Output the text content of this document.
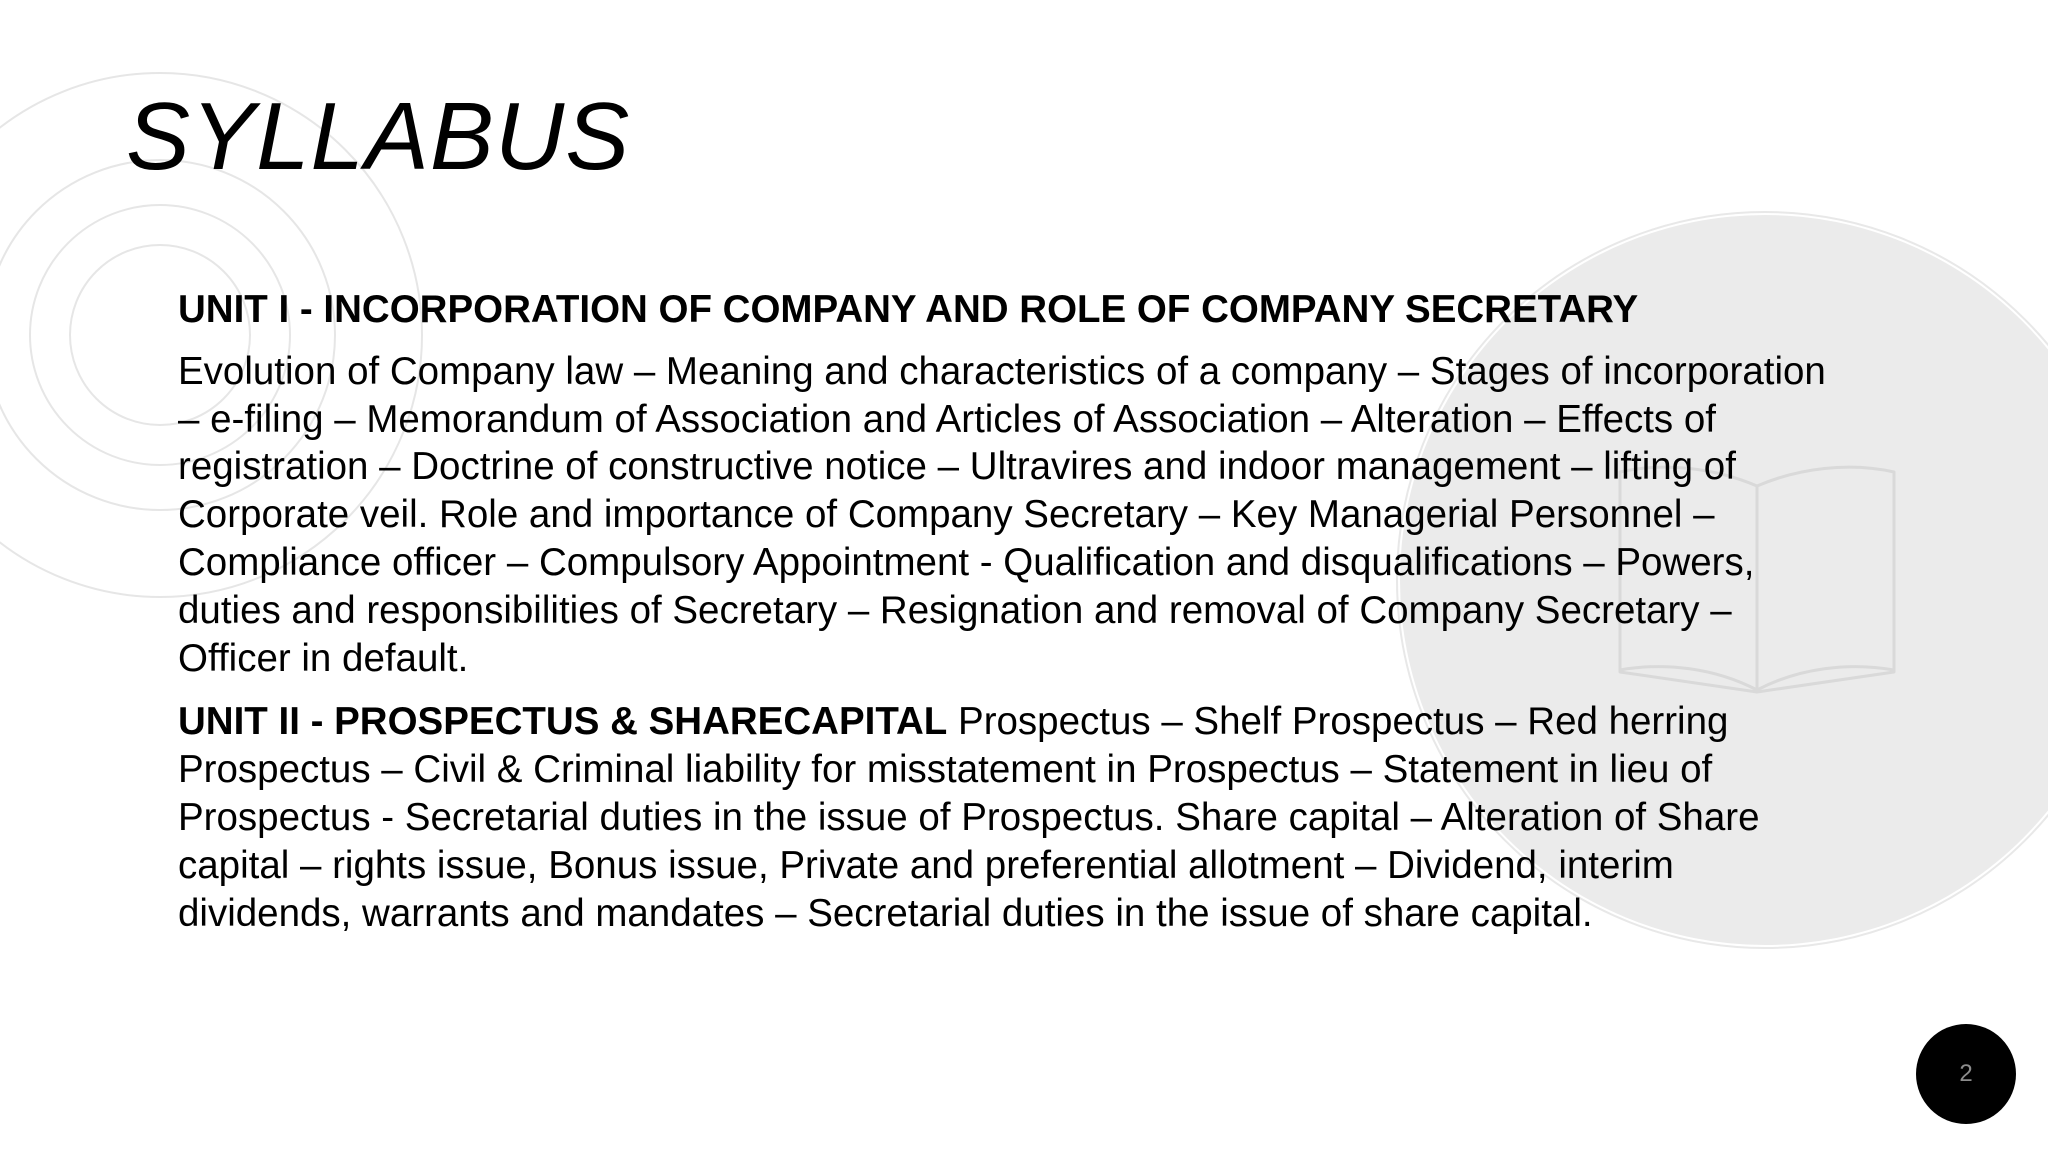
SYLLABUS

UNIT I - INCORPORATION OF COMPANY AND ROLE OF COMPANY SECRETARY

Evolution of Company law – Meaning and characteristics of a company – Stages of incorporation – e-filing – Memorandum of Association and Articles of Association – Alteration – Effects of registration – Doctrine of constructive notice – Ultravires and indoor management – lifting of Corporate veil. Role and importance of Company Secretary – Key Managerial Personnel – Compliance officer – Compulsory Appointment - Qualification and disqualifications – Powers, duties and responsibilities of Secretary – Resignation and removal of Company Secretary – Officer in default.

UNIT II - PROSPECTUS & SHARECAPITAL Prospectus – Shelf Prospectus – Red herring Prospectus – Civil & Criminal liability for misstatement in Prospectus – Statement in lieu of Prospectus - Secretarial duties in the issue of Prospectus. Share capital – Alteration of Share capital – rights issue, Bonus issue, Private and preferential allotment – Dividend, interim dividends, warrants and mandates – Secretarial duties in the issue of share capital.

2
